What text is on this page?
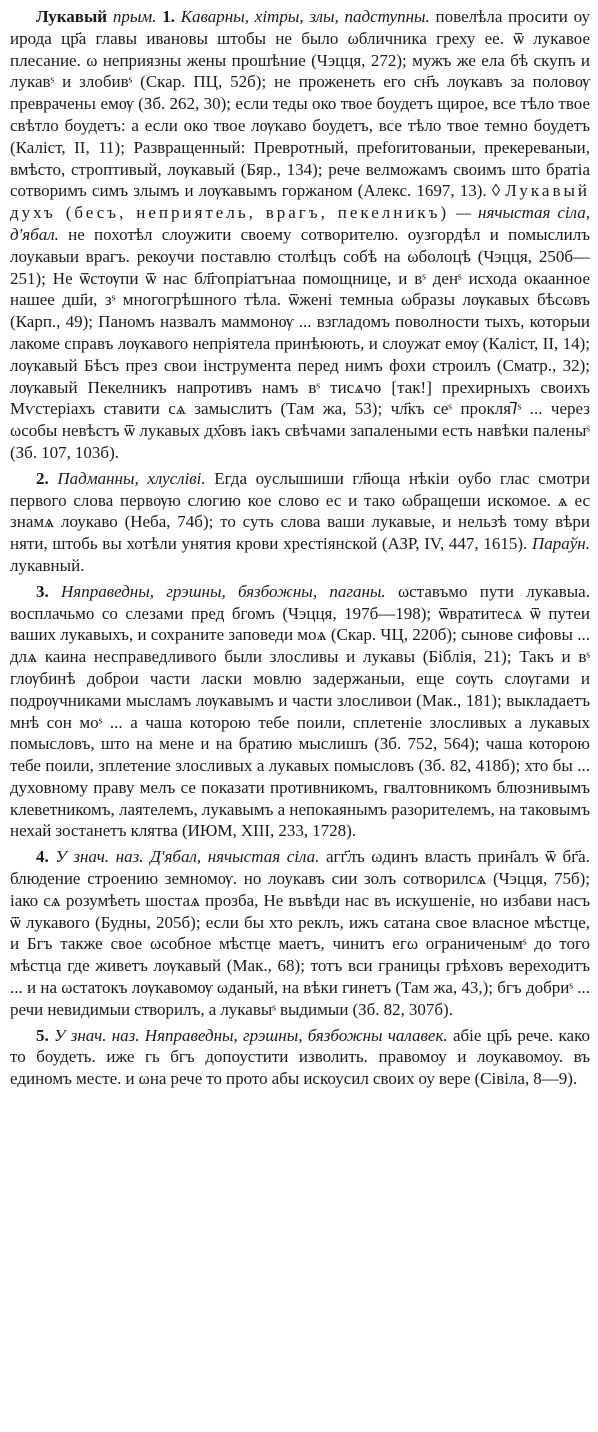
Лукавый прым. 1. Каварны, хітры, злы, падступны. повелѣла просити оу ирода цр҃а главы ивановы штобы не было ωбличника греху ее. ѿ лукавое плесание. ω неприязны жены прошѣние (Чэцця, 272); мужъ же ела бѣ скупъ и лукавˢ и злобивˢ (Скар. ПЦ, 52б); не проженеть его сн҃ъ лѹкавъ за половѹ превраченьı емѹ (Зб. 262, 30); если теды око твое боудетъ щирое, все тѣло твое свѣтло боудетъ: а если око твое лѹкаво боудетъ, все тѣло твое темно боудетъ (Каліст, II, 11); Развращенный: Превротный, преforитованыи, прекереваныи, вмѣсто, строптивый, лѹкавый (Бяр., 134); рече велможамъ своимъ што братіа сотворимъ симъ злымъ и лѹкавымъ горжаном (Алекс. 1697, 13). ◊ Лукавый духъ (бесъ, неприятель, врагъ, пекелникъ) — нячыстая сіла, д'ябал. не похотѣл слоужити своему сотворителю. оузгордѣл и помыслилъ лоукавыи врагъ. рекоучи поставлю столѣцъ собѣ на ωболоцѣ (Чэцця, 250б—251); Не ѿстѹпи ѿ нас бл҃гопріатънаа помощнице, и вˢ денˢ исхода окаанное нашее дш҃и, зˢ многогрѣшного тѣла. ѿженi темныа ωбразы лѹкавых бѣсωвъ (Карп., 49); Паномъ назвалъ маммонѹ ... взгладомъ поволности тыхъ, которыи лакоме справъ лѹкавого непріятела принѣюють, и слоужат емѹ (Каліст, II, 14); лѹкавый Бѣсъ през свои інструмента перед нимъ фохи строилъ (Сматр., 32); лѹкавый Пекелникъ напротивъ намъ вˢ тисѧчо [так!] прехирныхъ своихъ Мѵстеріахъ ставити сѧ замыслитъ (Там жа, 53); чл҃къ сеˢ прокляᲄˢ ... через ωсобы невѣстъ ѿ лукавых дх҃овъ іакъ свѣчами запалеными есть навѣки паленыˢ (Зб. 107, 103б).

2. Падманны, хлусліві. Егда оуслышиши гл҃юща нѣкіи оубо глас смотри первого слова первѹю слогию кое слово ес и тако ωбращеши искомое. ѧ ес знамѧ лоукаво (Неба, 74б); то суть слова ваши лукавые, и нельзѣ тому вѣри няти, штобь вы хотѣли унятия крови хрестіянской (АЗР, IV, 447, 1615). Параўн. лукавный.

3. Няправедны, грэшны, бязбожны, паганы. ωставъмо пути лукавыа. восплачьмо со слезами пред бгомъ (Чэцця, 197б—198); ѿвратитесѧ ѿ путеи ваших лукавыхъ, и сохраните заповеди мoѧ (Скар. ЧЦ, 220б); сынове сифовы ... длѧ каина несправедливого были злосливы и лукавы (Біблія, 21); Такъ и вˢ глѹбинѣ доброи части ласки мовлю задержаныи, еще сѹть слѹгами и подрѹчниками мысламъ лѹкавымъ и части злосливои (Мак., 181); выкладаетъ мнѣ сон моˢ ... а чаша которою тебе поили, сплетеніе злосливых а лукавых помысловъ, што на мене и на братию мыслишъ (Зб. 752, 564); чаша которою тебе поили, зплетение злосливых а лукавых помысловъ (Зб. 82, 418б); хто бы ... духовному праву мелъ се показати противникомъ, гвалтовникомъ блюзнивымъ клеветникомъ, лаятелемъ, лукавымъ а непокаянымъ разорителемъ, на таковымъ нехай зостанетъ клятва (ИЮМ, XIII, 233, 1728).

4. У знач. наз. Д'ябал, нячыстая сіла. агг҃лъ ωдинъ власть прин҃алъ ѿ бг҃а. блюдение строению земномѹ. но лоукавъ сии золъ сотворилсѧ (Чэцця, 75б); іако сѧ розумѣеть шостаѧ прозба, Не въвѣди нас въ искушеніе, но избави насъ ѿ лукавого (Будны, 205б); если бы хто реклъ, ижъ сатана свое власное мѣстце, и Бгъ также свое ωсобное мѣстце маетъ, чинитъ егω ограниченымˢ до того мѣстца где живетъ лѹкавый (Мак., 68); тотъ вси границы грѣховъ вереходитъ ... и на ωстатокъ лѹкавомѹ ωданый, на вѣки гинетъ (Там жа, 43,); бгъ добриˢ ... речи невидимыи створилъ, а лукавыˢ выдимыи (Зб. 82, 307б).

5. У знач. наз. Няправедны, грэшны, бязбожны чалавек. абіе цр҃ь рече. како то боудеть. иже гь бгъ допоустити изволить. правомоу и лоукавомоу. въ единомъ месте. и ωна рече то прото абы искоусил своих оу вере (Сівіла, 8—9).
